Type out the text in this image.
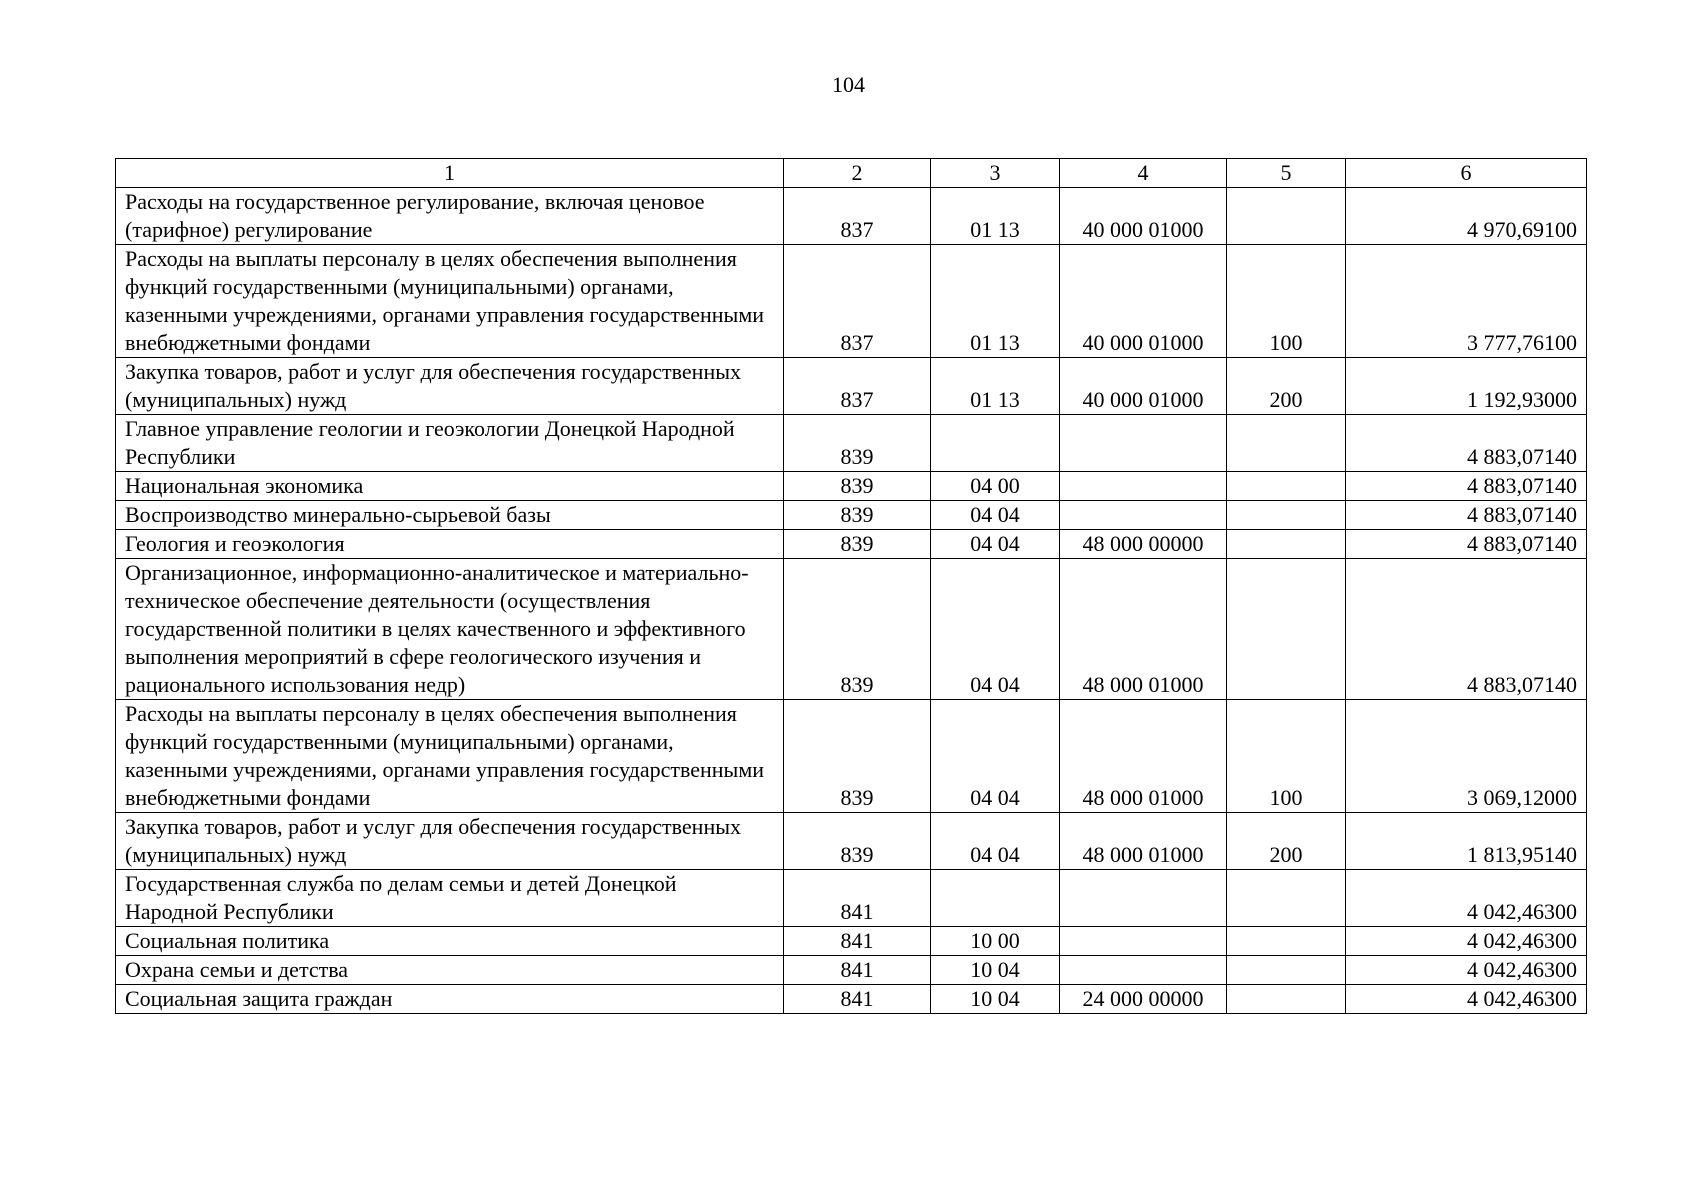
104
1	2	3	4	5	6
Расходы на государственное регулирование, включая ценовое (тарифное) регулирование	837	01 13	40 000 01000		4 970,69100
Расходы на выплаты персоналу в целях обеспечения выполнения функций государственными (муниципальными) органами, казенными учреждениями, органами управления государственными внебюджетными фондами	837	01 13	40 000 01000	100	3 777,76100
Закупка товаров, работ и услуг для обеспечения государственных (муниципальных) нужд	837	01 13	40 000 01000	200	1 192,93000
Главное управление геологии и геоэкологии Донецкой Народной Республики	839				4 883,07140
Национальная экономика	839	04 00			4 883,07140
Воспроизводство минерально-сырьевой базы	839	04 04			4 883,07140
Геология и геоэкология	839	04 04	48 000 00000		4 883,07140
Организационное, информационно-аналитическое и материально-техническое обеспечение деятельности (осуществления государственной политики в целях качественного и эффективного выполнения мероприятий в сфере геологического изучения и рационального использования недр)	839	04 04	48 000 01000		4 883,07140
Расходы на выплаты персоналу в целях обеспечения выполнения функций государственными (муниципальными) органами, казенными учреждениями, органами управления государственными внебюджетными фондами	839	04 04	48 000 01000	100	3 069,12000
Закупка товаров, работ и услуг для обеспечения государственных (муниципальных) нужд	839	04 04	48 000 01000	200	1 813,95140
Государственная служба по делам семьи и детей Донецкой Народной Республики	841				4 042,46300
Социальная политика	841	10 00			4 042,46300
Охрана семьи и детства	841	10 04			4 042,46300
Социальная защита граждан	841	10 04	24 000 00000		4 042,46300
